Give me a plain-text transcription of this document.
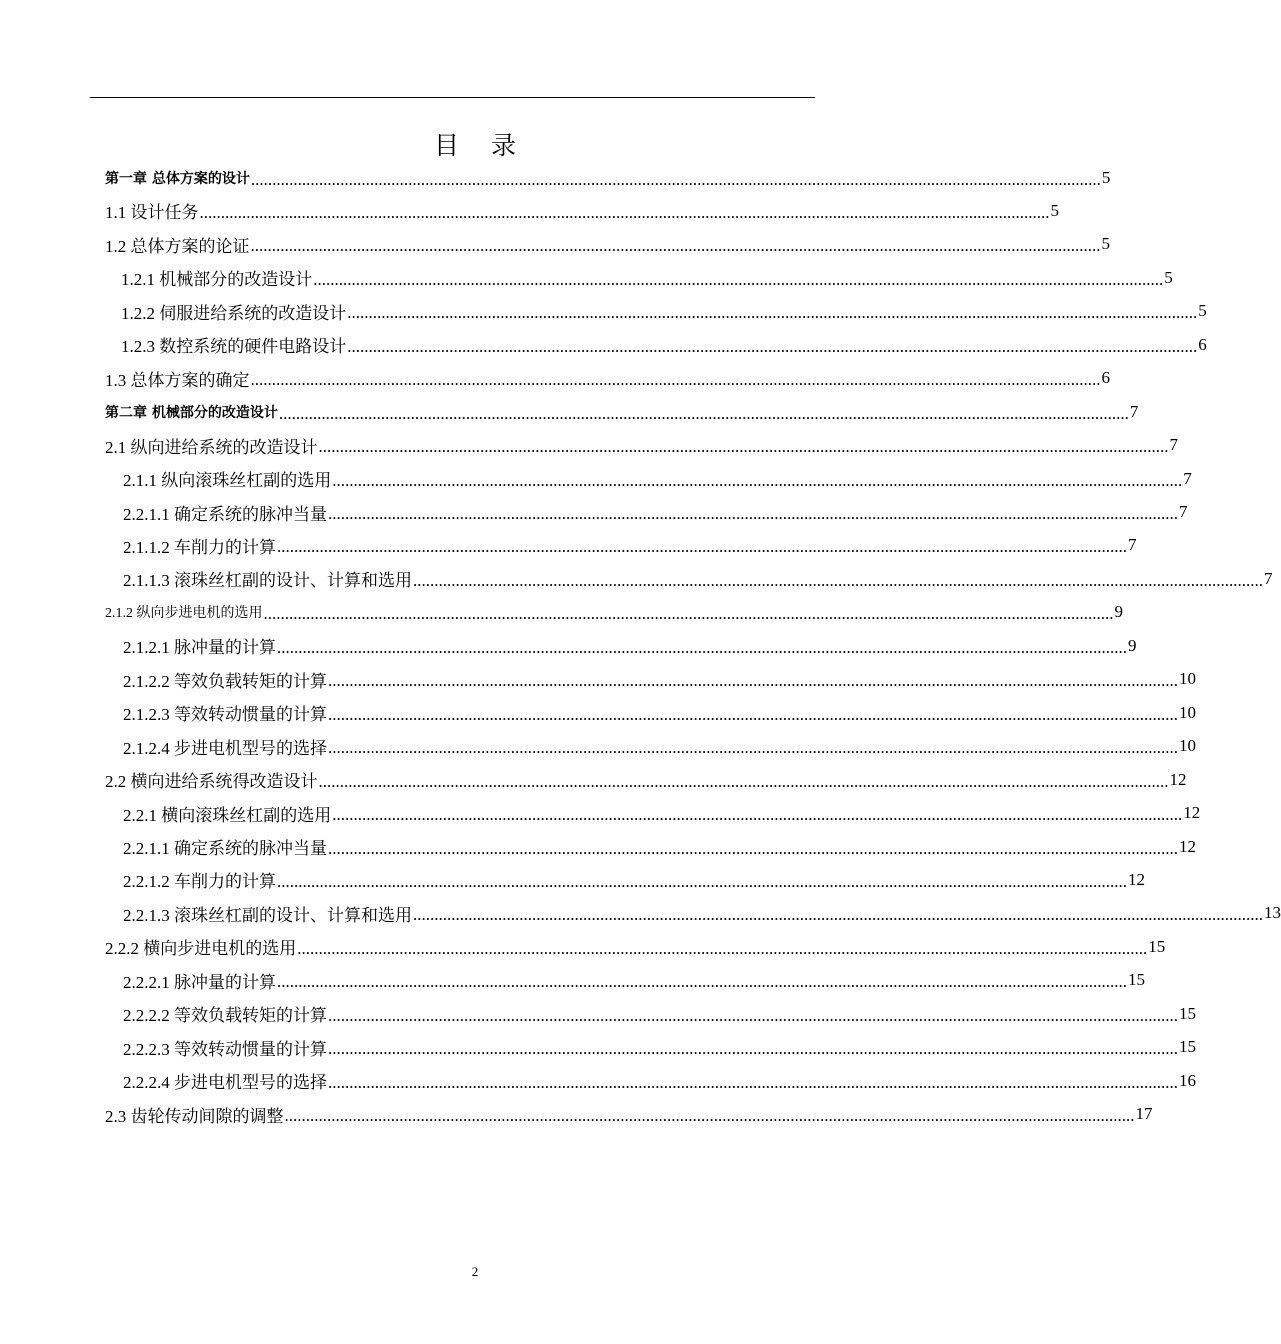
目 录
第一章 总体方案的设计 ........................................................................................................................................................................................................ 5
1.1 设计任务 ........................................................................................................................................................................................................ 5
1.2 总体方案的论证 ........................................................................................................................................................................................................ 5
1.2.1 机械部分的改造设计 ........................................................................................................................................................................................................ 5
1.2.2 伺服进给系统的改造设计 ........................................................................................................................................................................................................ 5
1.2.3 数控系统的硬件电路设计 ........................................................................................................................................................................................................ 6
1.3 总体方案的确定 ........................................................................................................................................................................................................ 6
第二章 机械部分的改造设计 ........................................................................................................................................................................................................ 7
2.1 纵向进给系统的改造设计 ........................................................................................................................................................................................................ 7
2.1.1 纵向滚珠丝杠副的选用 ........................................................................................................................................................................................................ 7
2.2.1.1 确定系统的脉冲当量 ........................................................................................................................................................................................................ 7
2.1.1.2 车削力的计算 ........................................................................................................................................................................................................ 7
2.1.1.3 滚珠丝杠副的设计、计算和选用 ........................................................................................................................................................................................................ 7
2.1.2 纵向步进电机的选用 ........................................................................................................................................................................................................ 9
2.1.2.1 脉冲量的计算 ........................................................................................................................................................................................................ 9
2.1.2.2 等效负载转矩的计算 ........................................................................................................................................................................................................ 10
2.1.2.3 等效转动惯量的计算 ........................................................................................................................................................................................................ 10
2.1.2.4 步进电机型号的选择 ........................................................................................................................................................................................................ 10
2.2 横向进给系统得改造设计 ........................................................................................................................................................................................................ 12
2.2.1 横向滚珠丝杠副的选用 ........................................................................................................................................................................................................ 12
2.2.1.1 确定系统的脉冲当量 ........................................................................................................................................................................................................ 12
2.2.1.2 车削力的计算 ........................................................................................................................................................................................................ 12
2.2.1.3 滚珠丝杠副的设计、计算和选用 ........................................................................................................................................................................................................ 13
2.2.2 横向步进电机的选用 ........................................................................................................................................................................................................ 15
2.2.2.1 脉冲量的计算 ........................................................................................................................................................................................................ 15
2.2.2.2 等效负载转矩的计算 ........................................................................................................................................................................................................ 15
2.2.2.3 等效转动惯量的计算 ........................................................................................................................................................................................................ 15
2.2.2.4 步进电机型号的选择 ........................................................................................................................................................................................................ 16
2.3 齿轮传动间隙的调整 ........................................................................................................................................................................................................ 17
2
